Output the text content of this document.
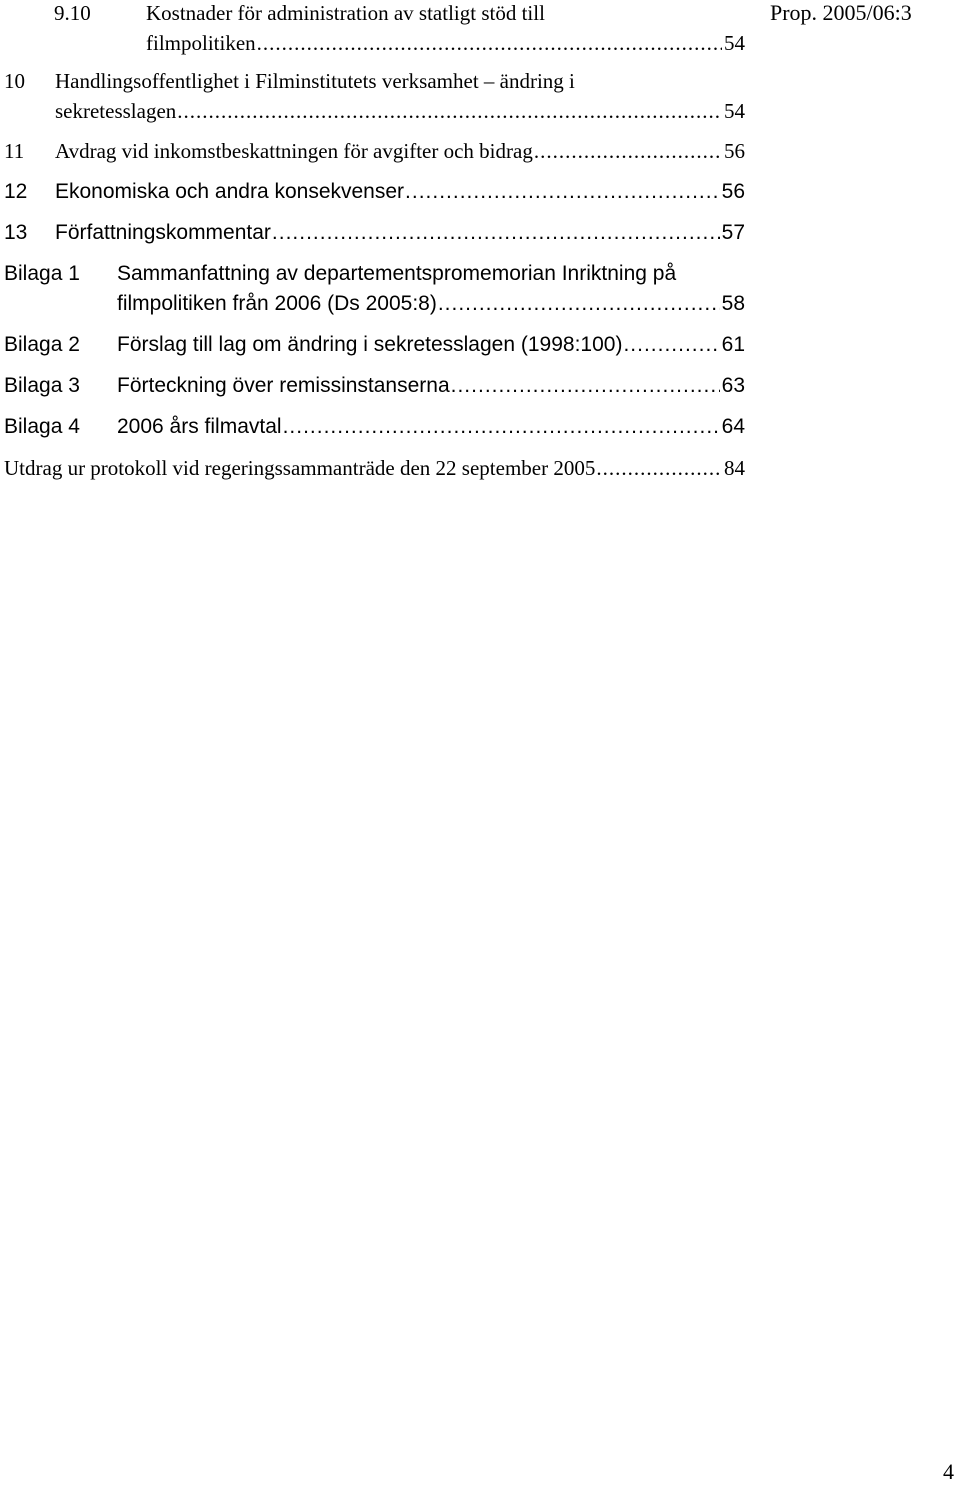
Prop. 2005/06:3
9.10	Kostnader för administration av statligt stöd till
filmpolitiken .....	54
10 Handlingsoffentlighet i Filminstitutets verksamhet – ändring i
sekretesslagen .....	54
11 Avdrag vid inkomstbeskattningen för avgifter och bidrag .....	56
12 Ekonomiska och andra konsekvenser .....	56
13 Författningskommentar .....	57
Bilaga 1 Sammanfattning av departementspromemorian Inriktning på
filmpolitiken från 2006 (Ds 2005:8) .....	58
Bilaga 2 Förslag till lag om ändring i sekretesslagen (1998:100) .....	61
Bilaga 3 Förteckning över remissinstanserna .....	63
Bilaga 4 2006 års filmavtal .....	64
Utdrag ur protokoll vid regeringssammanträde den 22 september 2005 .....	84
4
